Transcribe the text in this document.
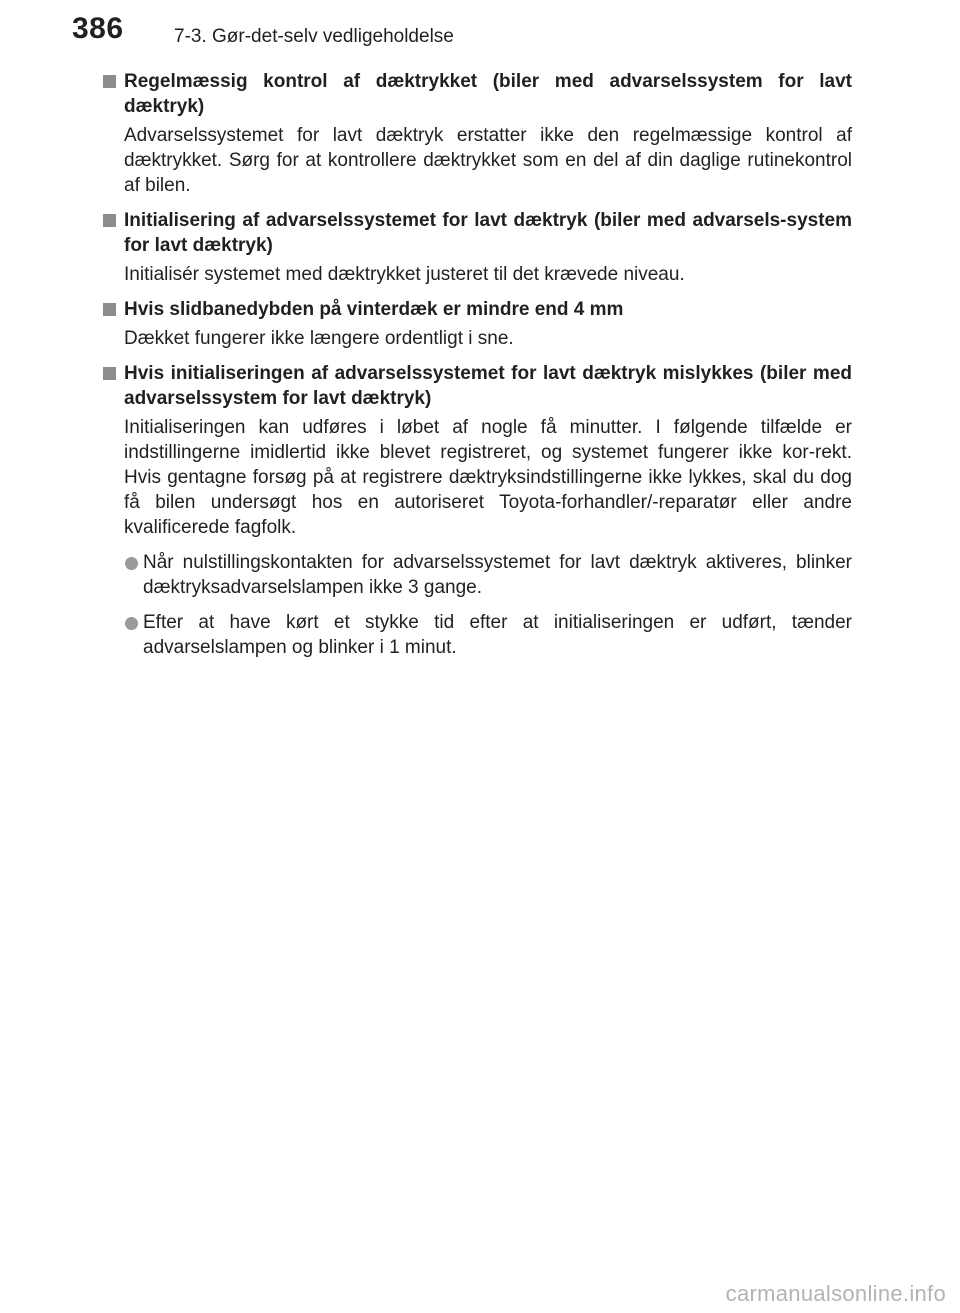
386	7-3. Gør-det-selv vedligeholdelse
Regelmæssig kontrol af dæktrykket (biler med advarselssystem for lavt dæktryk)
Advarselssystemet for lavt dæktryk erstatter ikke den regelmæssige kontrol af dæktrykket. Sørg for at kontrollere dæktrykket som en del af din daglige rutinekontrol af bilen.
Initialisering af advarselssystemet for lavt dæktryk (biler med advarsels-system for lavt dæktryk)
Initialisér systemet med dæktrykket justeret til det krævede niveau.
Hvis slidbanedybden på vinterdæk er mindre end 4 mm
Dækket fungerer ikke længere ordentligt i sne.
Hvis initialiseringen af advarselssystemet for lavt dæktryk mislykkes (biler med advarselssystem for lavt dæktryk)
Initialiseringen kan udføres i løbet af nogle få minutter. I følgende tilfælde er indstillingerne imidlertid ikke blevet registreret, og systemet fungerer ikke kor-rekt. Hvis gentagne forsøg på at registrere dæktryksindstillingerne ikke lykkes, skal du dog få bilen undersøgt hos en autoriseret Toyota-forhandler/-reparatør eller andre kvalificerede fagfolk.
Når nulstillingskontakten for advarselssystemet for lavt dæktryk aktiveres, blinker dæktryksadvarselslampen ikke 3 gange.
Efter at have kørt et stykke tid efter at initialiseringen er udført, tænder advarselslampen og blinker i 1 minut.
carmanualsonline.info
